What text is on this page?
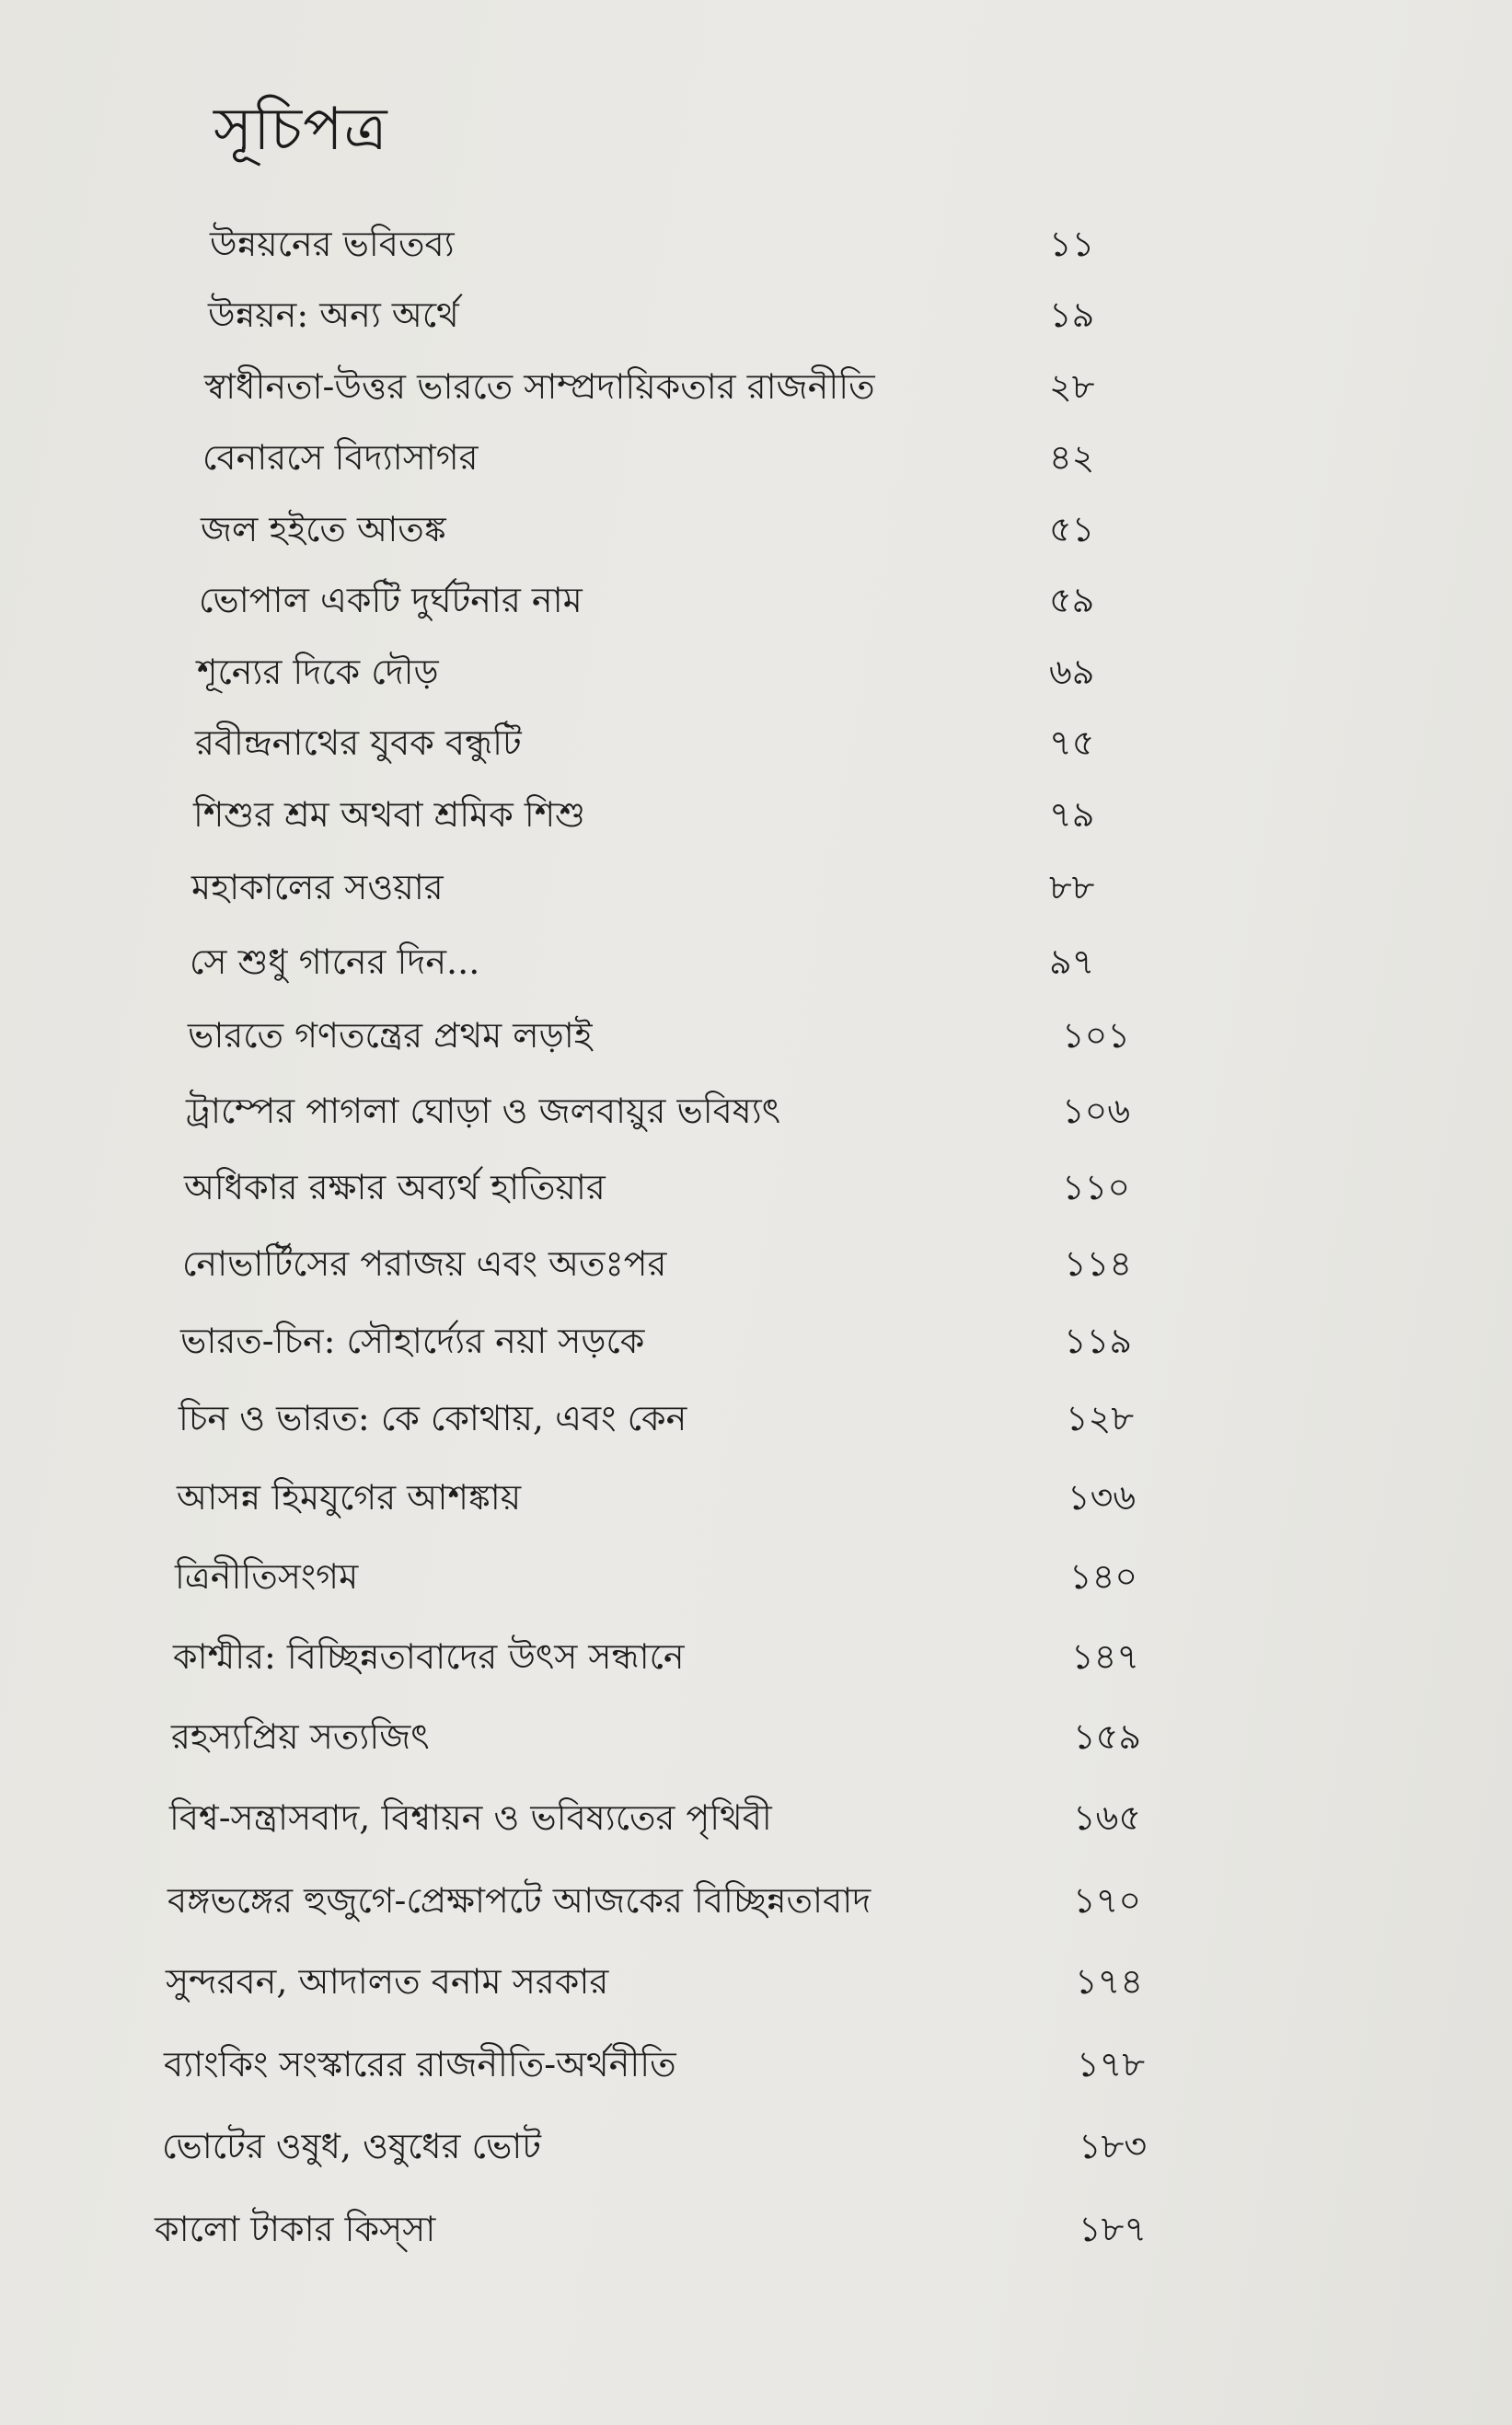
সূচিপত্র
উন্নয়নের ভবিতব্য	১১
উন্নয়ন: অন্য অর্থে	১৯
স্বাধীনতা-উত্তর ভারতে সাম্প্রদায়িকতার রাজনীতি	২৮
বেনারসে বিদ্যাসাগর	৪২
জল হইতে আতঙ্ক	৫১
ভোপাল একটি দুর্ঘটনার নাম	৫৯
শূন্যের দিকে দৌড়	৬৯
রবীন্দ্রনাথের যুবক বন্ধুটি	৭৫
শিশুর শ্রম অথবা শ্রমিক শিশু	৭৯
মহাকালের সওয়ার	৮৮
সে শুধু গানের দিন...	৯৭
ভারতে গণতন্ত্রের প্রথম লড়াই	১০১
ট্রাম্পের পাগলা ঘোড়া ও জলবায়ুর ভবিষ্যৎ	১০৬
অধিকার রক্ষার অব্যর্থ হাতিয়ার	১১০
নোভার্টিসের পরাজয় এবং অতঃপর	১১৪
ভারত-চিন: সৌহার্দ্যের নয়া সড়কে	১১৯
চিন ও ভারত: কে কোথায়, এবং কেন	১২৮
আসন্ন হিমযুগের আশঙ্কায়	১৩৬
ত্রিনীতিসংগম	১৪০
কাশ্মীর: বিচ্ছিন্নতাবাদের উৎস সন্ধানে	১৪৭
রহস্যপ্রিয় সত্যজিৎ	১৫৯
বিশ্ব-সন্ত্রাসবাদ, বিশ্বায়ন ও ভবিষ্যতের পৃথিবী	১৬৫
বঙ্গভঙ্গের হুজুগে-প্রেক্ষাপটে আজকের বিচ্ছিন্নতাবাদ	১৭০
সুন্দরবন, আদালত বনাম সরকার	১৭৪
ব্যাংকিং সংস্কারের রাজনীতি-অর্থনীতি	১৭৮
ভোটের ওষুধ, ওষুধের ভোট	১৮৩
কালো টাকার কিস্‌সা	১৮৭
